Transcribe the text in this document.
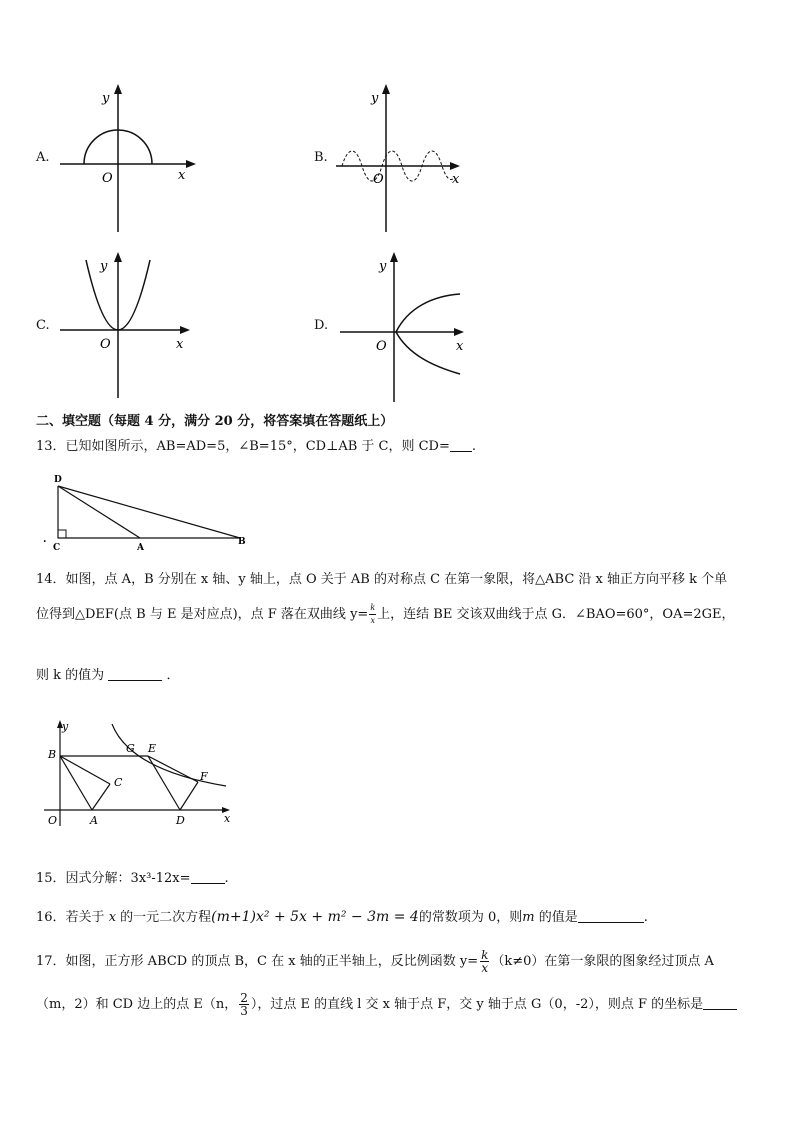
A.
y
O	x
B.
y
O	x
C.
y
O	x
D.
y
O	x
二、填空题（每题 4 分，满分 20 分，将答案填在答题纸上）
13．已知如图所示，AB=AD=5，∠B=15°，CD⊥AB 于 C，则 CD= .
D
.
C	A
B
14．如图，点 A，B 分别在 x 轴、y 轴上，点 O 关于 AB 的对称点 C 在第一象限，将△ABC 沿 x 轴正方向平移 k 个单
位得到△DEF(点 B 与 E 是对应点)，点 F 落在双曲线 $y= \frac{k}{x}$ 上，连结 BE 交该双曲线于点 G．∠BAO=60°，OA=2GE，
则 k 的值为	．
y
B	G E
C	F
O	A	D	x
15．因式分解：3x³-12x=	.
16．若关于 x 的一元二次方程(m+1)x² + 5x + m² − 3m = 4的常数项为 0，则m 的值是	.
17．如图，正方形 ABCD 的顶点 B，C 在 x 轴的正半轴上，反比例函数 $y= \frac{k}{x} (k\ne 0)$在第一象限的图象经过顶点 A
（m，2）和 CD 边上的点 E（n， $\frac{2}{3}$ ），过点 E 的直线 l 交 x 轴于点 F，交 y 轴于点 G（0，-2），则点 F 的坐标是
